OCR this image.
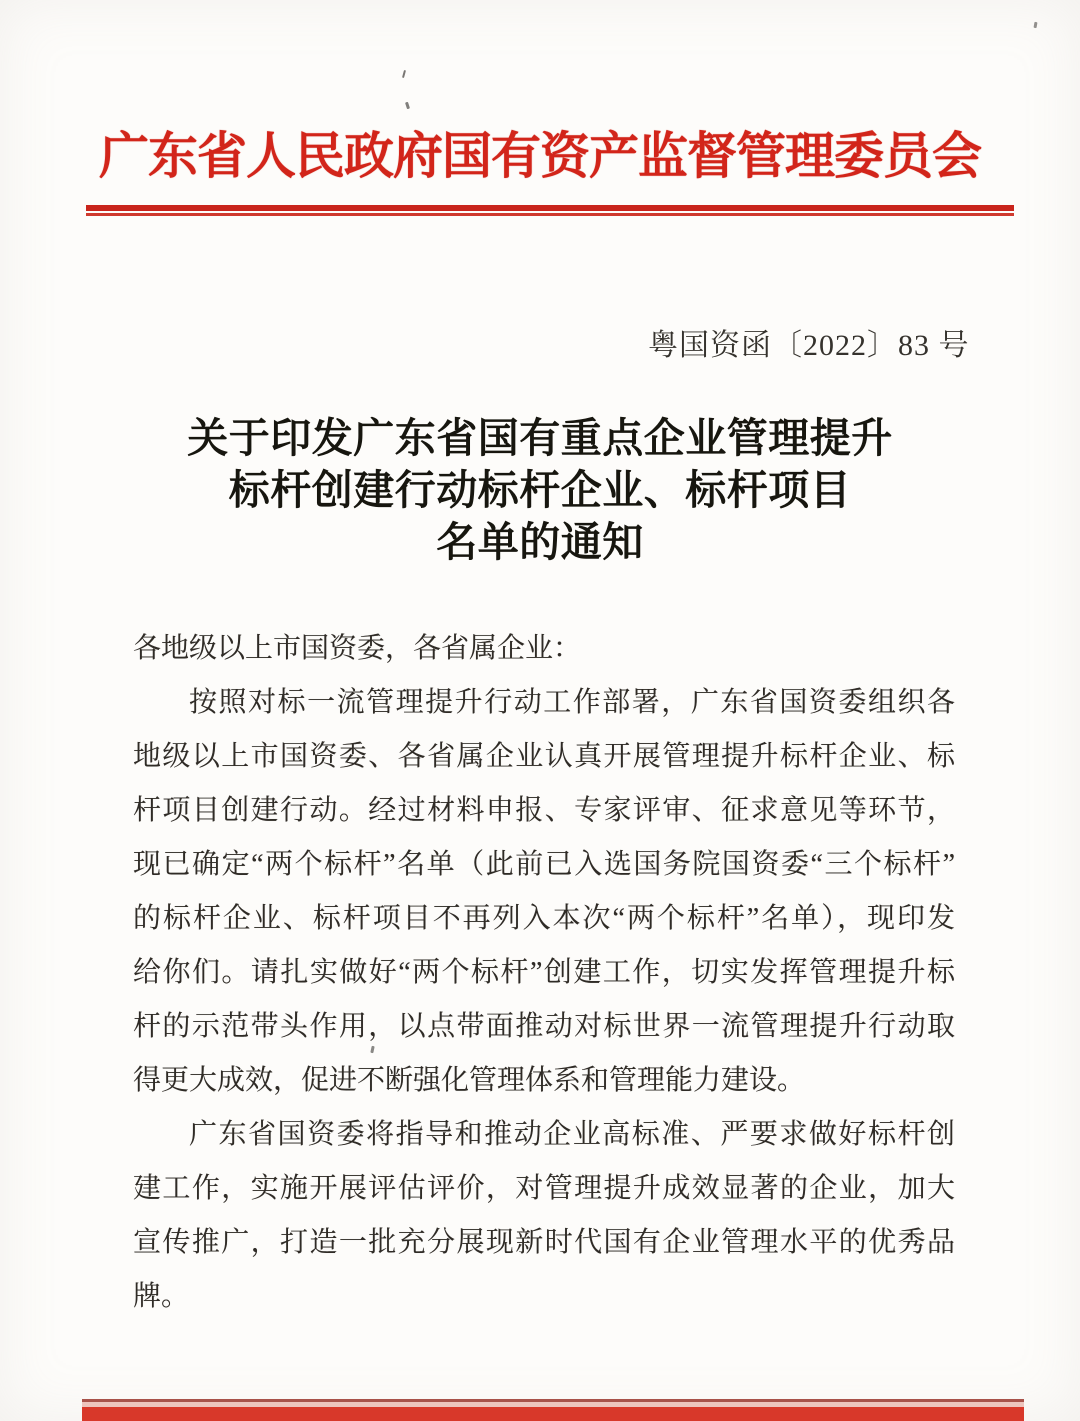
广东省人民政府国有资产监督管理委员会
粤国资函〔2022〕83 号
关于印发广东省国有重点企业管理提升
标杆创建行动标杆企业、标杆项目
名单的通知
各地级以上市国资委，各省属企业：
按照对标一流管理提升行动工作部署，广东省国资委组织各
地级以上市国资委、各省属企业认真开展管理提升标杆企业、标
杆项目创建行动。经过材料申报、专家评审、征求意见等环节，
现已确定“两个标杆”名单（此前已入选国务院国资委“三个标杆”
的标杆企业、标杆项目不再列入本次“两个标杆”名单），现印发
给你们。请扎实做好“两个标杆”创建工作，切实发挥管理提升标
杆的示范带头作用，以点带面推动对标世界一流管理提升行动取
得更大成效，促进不断强化管理体系和管理能力建设。
广东省国资委将指导和推动企业高标准、严要求做好标杆创
建工作，实施开展评估评价，对管理提升成效显著的企业，加大
宣传推广，打造一批充分展现新时代国有企业管理水平的优秀品
牌。
